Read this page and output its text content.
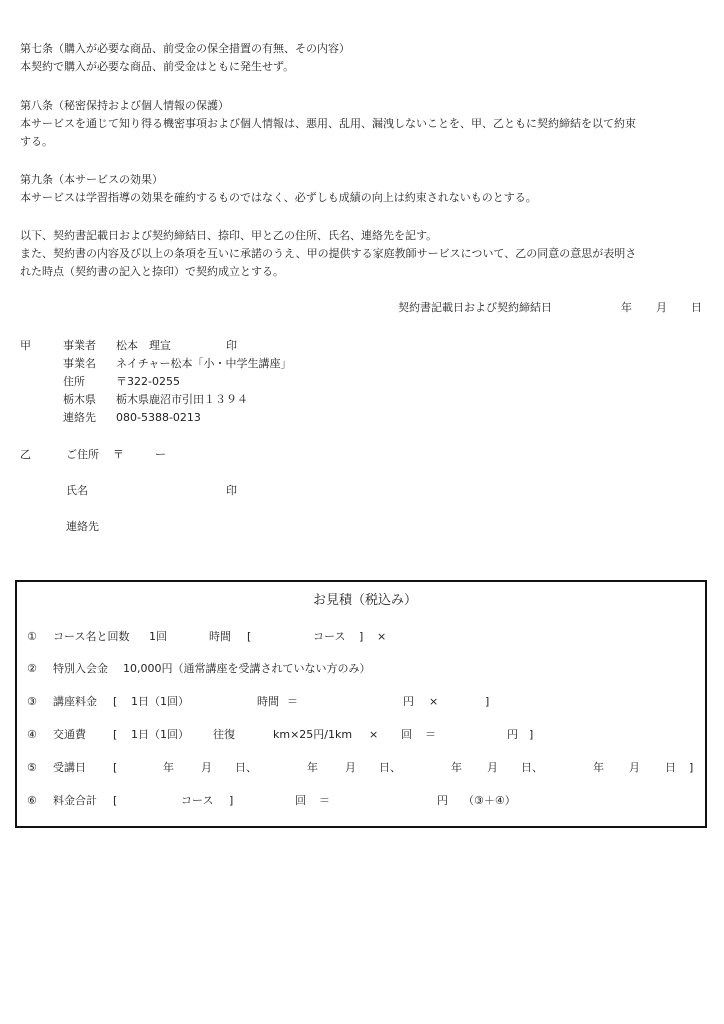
第七条（購入が必要な商品、前受金の保全措置の有無、その内容）
本契約で購入が必要な商品、前受金はともに発生せず。
第八条（秘密保持および個人情報の保護）
本サービスを通じて知り得る機密事項および個人情報は、悪用、乱用、漏洩しないことを、甲、乙ともに契約締結を以て約束
する。
第九条（本サービスの効果）
本サービスは学習指導の効果を確約するものではなく、必ずしも成績の向上は約束されないものとする。
以下、契約書記載日および契約締結日、捺印、甲と乙の住所、氏名、連絡先を記す。
また、契約書の内容及び以上の条項を互いに承諾のうえ、甲の提供する家庭教師サービスについて、乙の同意の意思が表明さ
れた時点（契約書の記入と捺印）で契約成立とする。
契約書記載日および契約締結日	年 月 日
甲	事業者 松本　理宣	印
事業名 ネイチャー松本「小・中学生講座」
住所	〒322-0255
栃木県 栃木県鹿沼市引田１３９４
連絡先 080-5388-0213
乙	ご住所 〒	ー
氏名	印
連絡先
お見積（税込み）
① コース名と回数 1回	時間 [	コース ] ×
② 特別入会金 10,000円（通常講座を受講されていない方のみ）
③ 講座料金 [ 1日（1回）	時間 ＝	円 ×	]
④ 交通費 [ 1日（1回） 往復	km×25円/1km × 回 ＝	円 ]
⑤ 受講日 [	年 月 日、	年 月 日、	年 月 日、	年 月 日 ]
⑥ 料金合計 [	コース ]	回 ＝	円 （③＋④）
